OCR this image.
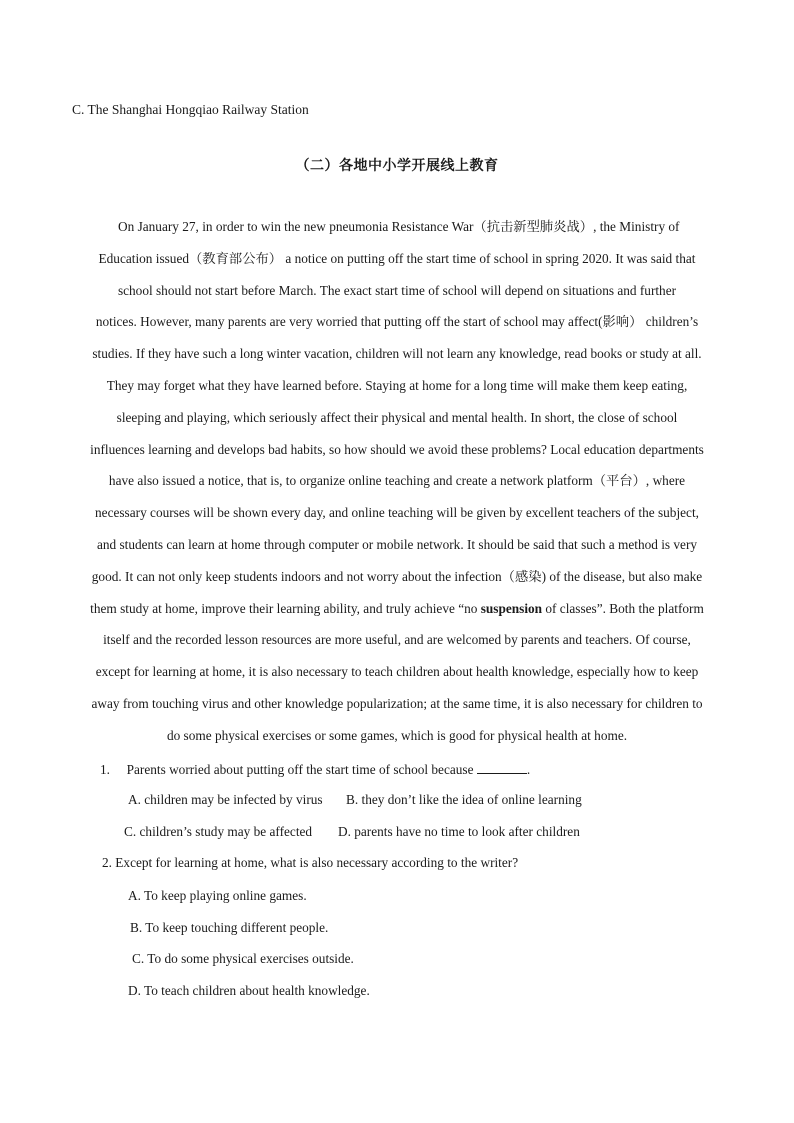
C. The Shanghai Hongqiao Railway Station
（二）各地中小学开展线上教育
On January 27, in order to win the new pneumonia Resistance War（抗击新型肺炎战）, the Ministry of
Education issued（教育部公布） a notice on putting off the start time of school in spring 2020. It was said that
school should not start before March. The exact start time of school will depend on situations and further
notices. However, many parents are very worried that putting off the start of school may affect(影响） children’s
studies. If they have such a long winter vacation, children will not learn any knowledge, read books or study at all.
They may forget what they have learned before. Staying at home for a long time will make them keep eating,
sleeping and playing, which seriously affect their physical and mental health. In short, the close of school
influences learning and develops bad habits, so how should we avoid these problems? Local education departments
have also issued a notice, that is, to organize online teaching and create a network platform（平台）, where
necessary courses will be shown every day, and online teaching will be given by excellent teachers of the subject,
and students can learn at home through computer or mobile network. It should be said that such a method is very
good. It can not only keep students indoors and not worry about the infection（感染) of the disease, but also make
them study at home, improve their learning ability, and truly achieve “no suspension of classes”. Both the platform
itself and the recorded lesson resources are more useful, and are welcomed by parents and teachers. Of course,
except for learning at home, it is also necessary to teach children about health knowledge, especially how to keep
away from touching virus and other knowledge popularization; at the same time, it is also necessary for children to
do some physical exercises or some games, which is good for physical health at home.
1. Parents worried about putting off the start time of school because	.
A. children may be infected by virus B. they don’t like the idea of online learning
C. children’s study may be affected D. parents have no time to look after children
2. Except for learning at home, what is also necessary according to the writer?
A. To keep playing online games.
B. To keep touching different people.
C. To do some physical exercises outside.
D. To teach children about health knowledge.
